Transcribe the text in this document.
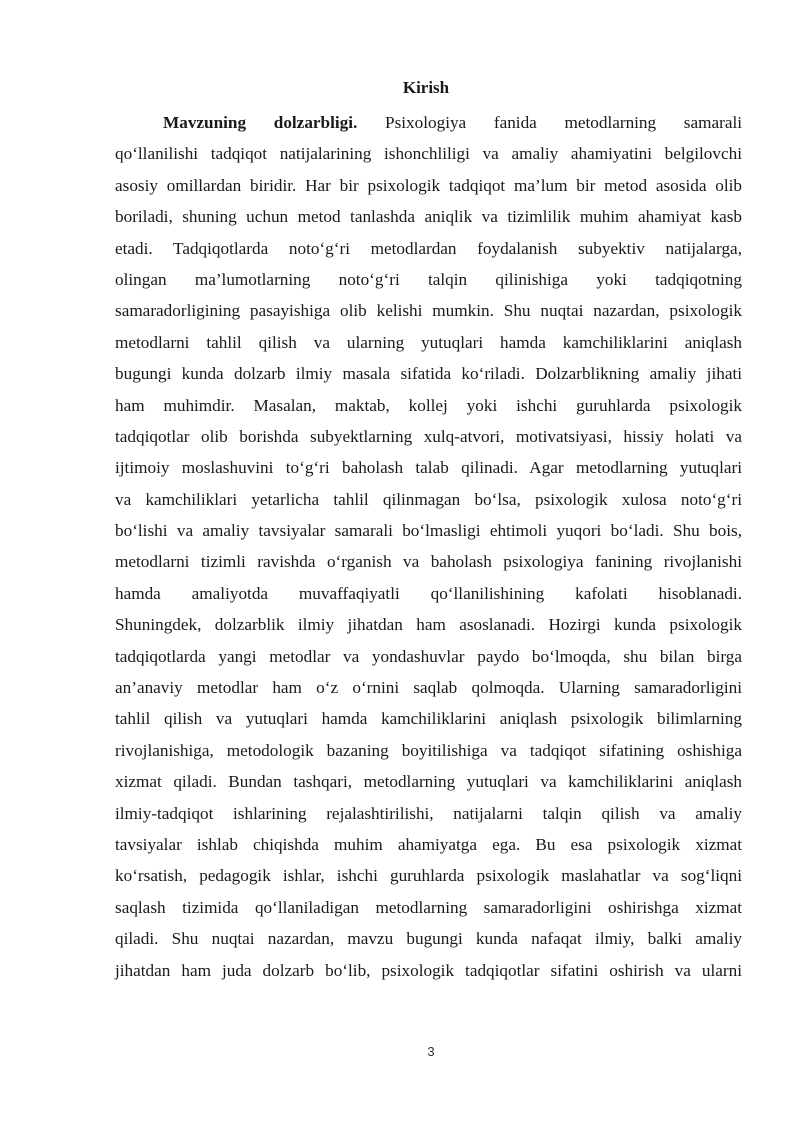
Kirish
Mavzuning dolzarbligi. Psixologiya fanida metodlarning samarali
qo‘llanilishi tadqiqot natijalarining ishonchliligi va amaliy ahamiyatini belgilovchi
asosiy omillardan biridir. Har bir psixologik tadqiqot ma’lum bir metod asosida olib
boriladi, shuning uchun metod tanlashda aniqlik va tizimlilik muhim ahamiyat kasb
etadi. Tadqiqotlarda noto‘g‘ri metodlardan foydalanish subyektiv natijalarga,
olingan ma’lumotlarning noto‘g‘ri talqin qilinishiga yoki tadqiqotning
samaradorligining pasayishiga olib kelishi mumkin. Shu nuqtai nazardan, psixologik
metodlarni tahlil qilish va ularning yutuqlari hamda kamchiliklarini aniqlash
bugungi kunda dolzarb ilmiy masala sifatida ko‘riladi. Dolzarblikning amaliy jihati
ham muhimdir. Masalan, maktab, kollej yoki ishchi guruhlarda psixologik
tadqiqotlar olib borishda subyektlarning xulq-atvori, motivatsiyasi, hissiy holati va
ijtimoiy moslashuvini to‘g‘ri baholash talab qilinadi. Agar metodlarning yutuqlari
va kamchiliklari yetarlicha tahlil qilinmagan bo‘lsa, psixologik xulosa noto‘g‘ri
bo‘lishi va amaliy tavsiyalar samarali bo‘lmasligi ehtimoli yuqori bo‘ladi. Shu bois,
metodlarni tizimli ravishda o‘rganish va baholash psixologiya fanining rivojlanishi
hamda amaliyotda muvaffaqiyatli qo‘llanilishining kafolati hisoblanadi.
Shuningdek, dolzarblik ilmiy jihatdan ham asoslanadi. Hozirgi kunda psixologik
tadqiqotlarda yangi metodlar va yondashuvlar paydo bo‘lmoqda, shu bilan birga
an’anaviy metodlar ham o‘z o‘rnini saqlab qolmoqda. Ularning samaradorligini
tahlil qilish va yutuqlari hamda kamchiliklarini aniqlash psixologik bilimlarning
rivojlanishiga, metodologik bazaning boyitilishiga va tadqiqot sifatining oshishiga
xizmat qiladi. Bundan tashqari, metodlarning yutuqlari va kamchiliklarini aniqlash
ilmiy-tadqiqot ishlarining rejalashtirilishi, natijalarni talqin qilish va amaliy
tavsiyalar ishlab chiqishda muhim ahamiyatga ega. Bu esa psixologik xizmat
ko‘rsatish, pedagogik ishlar, ishchi guruhlarda psixologik maslahatlar va sog‘liqni
saqlash tizimida qo‘llaniladigan metodlarning samaradorligini oshirishga xizmat
qiladi. Shu nuqtai nazardan, mavzu bugungi kunda nafaqat ilmiy, balki amaliy
jihatdan ham juda dolzarb bo‘lib, psixologik tadqiqotlar sifatini oshirish va ularni
3
